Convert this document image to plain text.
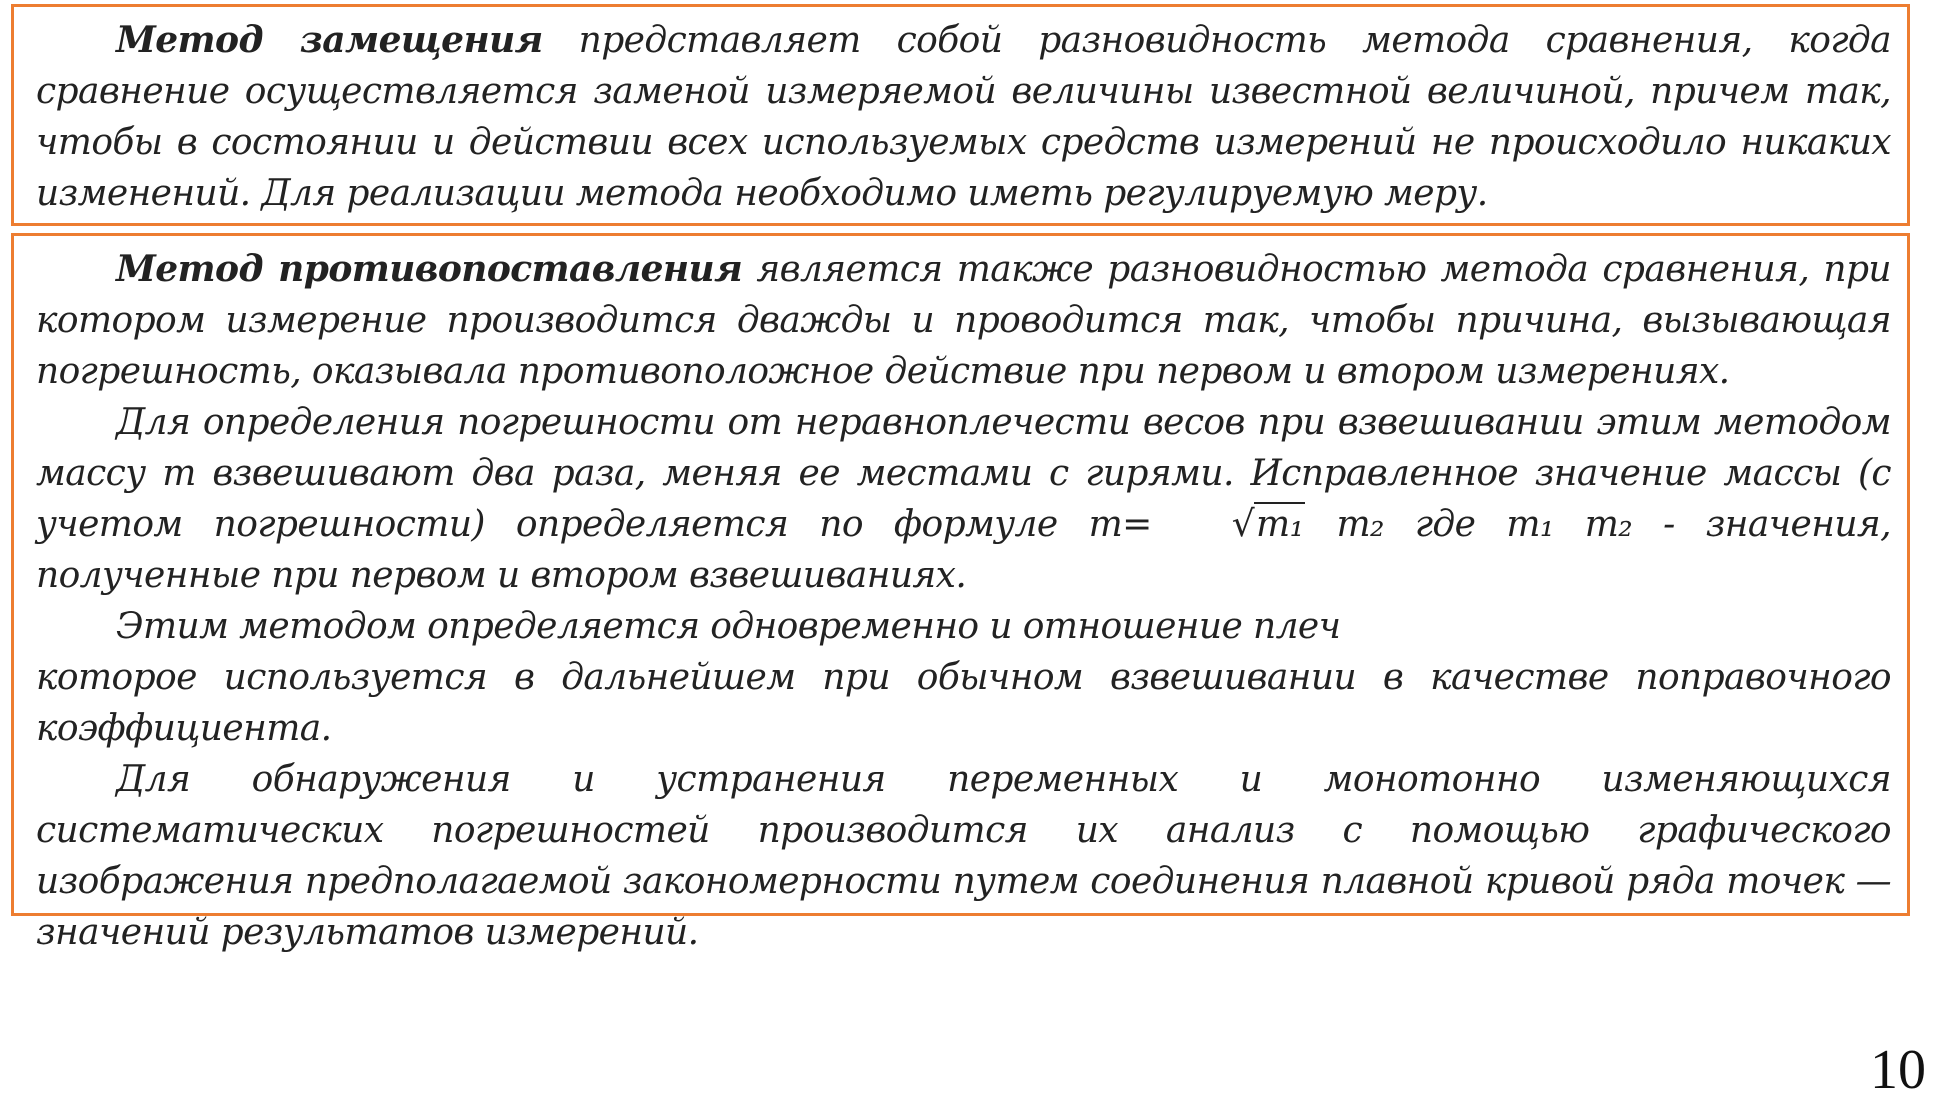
Метод замещения представляет собой разновидность метода сравнения, когда сравнение осуществляется заменой измеряемой величины известной величиной, причем так, чтобы в состоянии и действии всех используемых средств измерений не происходило никаких изменений. Для реализации метода необходимо иметь регулируемую меру.

Метод противопоставления является также разновидностью метода сравнения, при котором измерение производится дважды и проводится так, чтобы причина, вызывающая погрешность, оказывала противоположное действие при первом и втором измерениях.

Для определения погрешности от неравноплечести весов при взвешивании этим методом массу m взвешивают два раза, меняя ее местами с гирями. Исправленное значение массы (с учетом погрешности) определяется по формуле m= √m₁ m₂ где m₁ m₂ - значения, полученные при первом и втором взвешиваниях.

Этим методом определяется одновременно и отношение плеч

которое используется в дальнейшем при обычном взвешивании в качестве поправочного коэффициента.

Для обнаружения и устранения переменных и монотонно изменяющихся систематических погрешностей производится их анализ с помощью графического изображения предполагаемой закономерности путем соединения плавной кривой ряда точек — значений результатов измерений.

10
